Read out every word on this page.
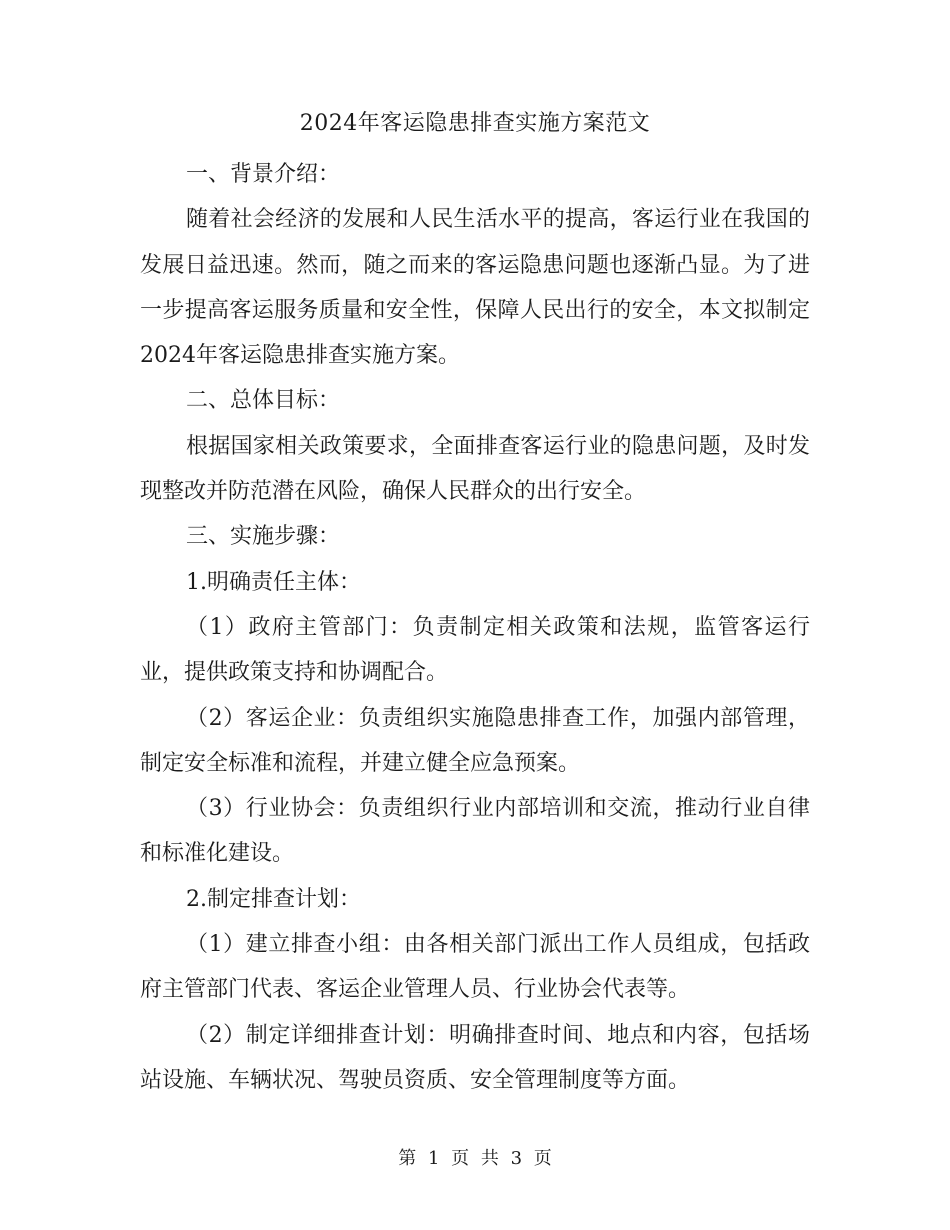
2024年客运隐患排查实施方案范文

一、背景介绍：

随着社会经济的发展和人民生活水平的提高，客运行业在我国的发展日益迅速。然而，随之而来的客运隐患问题也逐渐凸显。为了进一步提高客运服务质量和安全性，保障人民出行的安全，本文拟制定2024年客运隐患排查实施方案。

二、总体目标：

根据国家相关政策要求，全面排查客运行业的隐患问题，及时发现整改并防范潜在风险，确保人民群众的出行安全。

三、实施步骤：

1.明确责任主体：

（1）政府主管部门：负责制定相关政策和法规，监管客运行业，提供政策支持和协调配合。

（2）客运企业：负责组织实施隐患排查工作，加强内部管理，制定安全标准和流程，并建立健全应急预案。

（3）行业协会：负责组织行业内部培训和交流，推动行业自律和标准化建设。

2.制定排查计划：

（1）建立排查小组：由各相关部门派出工作人员组成，包括政府主管部门代表、客运企业管理人员、行业协会代表等。

（2）制定详细排查计划：明确排查时间、地点和内容，包括场站设施、车辆状况、驾驶员资质、安全管理制度等方面。

第 1 页 共 3 页
